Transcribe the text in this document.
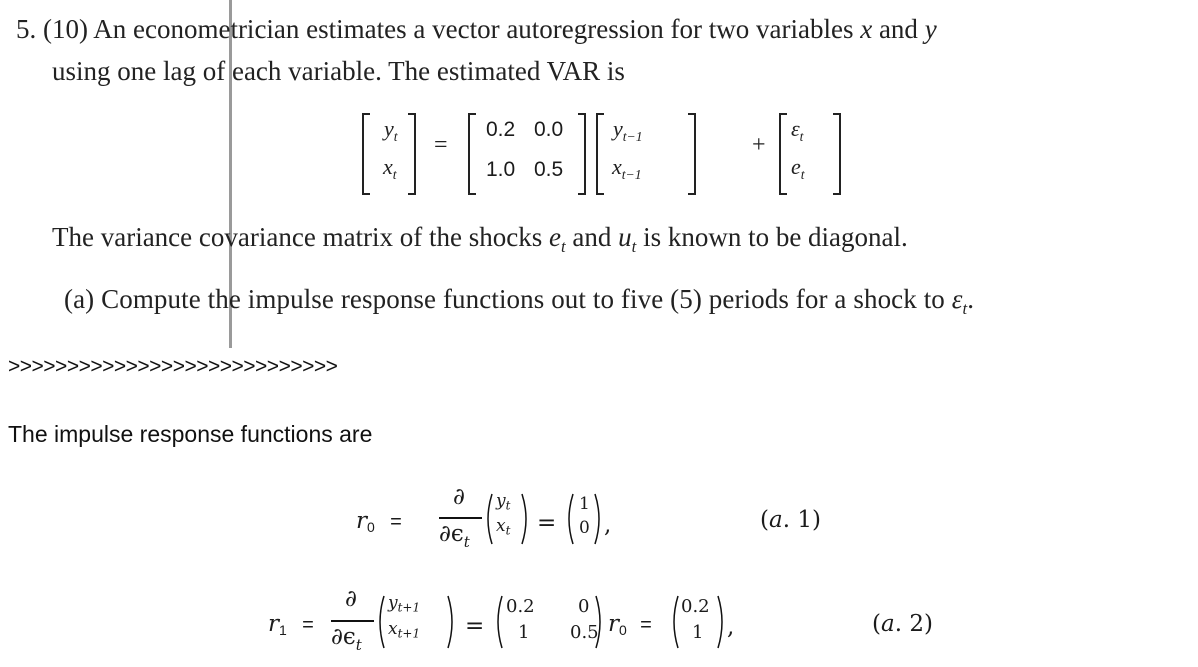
5. (10) An econometrician estimates a vector autoregression for two variables x and y
using one lag of each variable. The estimated VAR is
$y_t$
$x_t$
=
0.2 0.0
1.0 0.5
$y_{t-1}$
$x_{t-1}$
+
$\varepsilon_t$
$e_t$
The variance covariance matrix of the shocks $e_t$ and $u_t$ is known to be diagonal.
(a) Compute the impulse response functions out to five (5) periods for a shock to $\varepsilon_t$.
>>>>>>>>>>>>>>>>>>>>>>>>>>>>
The impulse response functions are
r0 =
∂
$\partial\epsilon_t$
$y_t$
$x_t$ =
1
0 ,	(a. 1)
r1 =
∂
$\partial\epsilon_t$
$y_{t+1}$
$x_{t+1}$ =
0.2 0
1 0.5 r0 =
0.2
1 ,	(a. 2)
